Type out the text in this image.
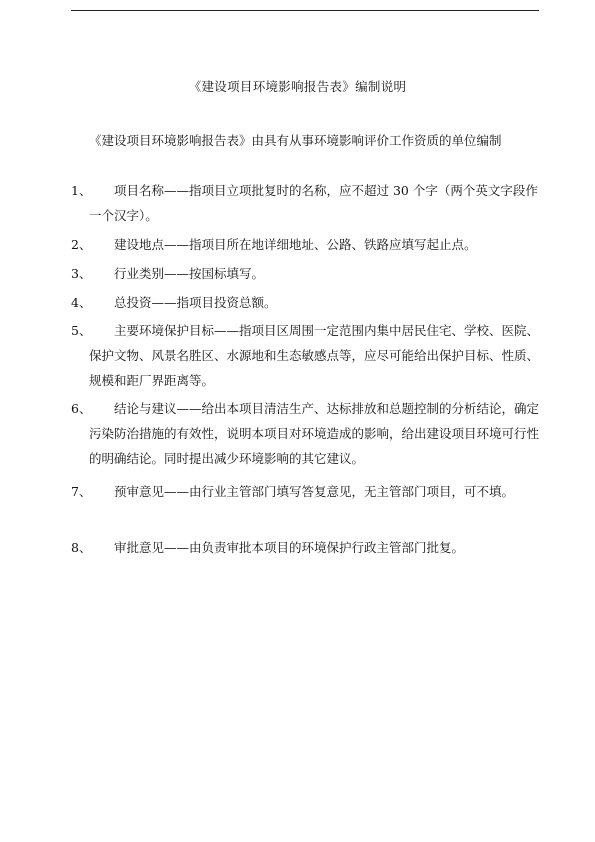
《建设项目环境影响报告表》编制说明
《建设项目环境影响报告表》由具有从事环境影响评价工作资质的单位编制
1、	项目名称——指项目立项批复时的名称，应不超过 30 个字（两个英文字段作一个汉字）。
2、	建设地点——指项目所在地详细地址、公路、铁路应填写起止点。
3、	行业类别——按国标填写。
4、	总投资——指项目投资总额。
5、	主要环境保护目标——指项目区周围一定范围内集中居民住宅、学校、医院、保护文物、风景名胜区、水源地和生态敏感点等，应尽可能给出保护目标、性质、规模和距厂界距离等。
6、	结论与建议——给出本项目清洁生产、达标排放和总题控制的分析结论，确定污染防治措施的有效性，说明本项目对环境造成的影响，给出建设项目环境可行性的明确结论。同时提出减少环境影响的其它建议。
7、	预审意见——由行业主管部门填写答复意见，无主管部门项目，可不填。
8、	审批意见——由负责审批本项目的环境保护行政主管部门批复。
